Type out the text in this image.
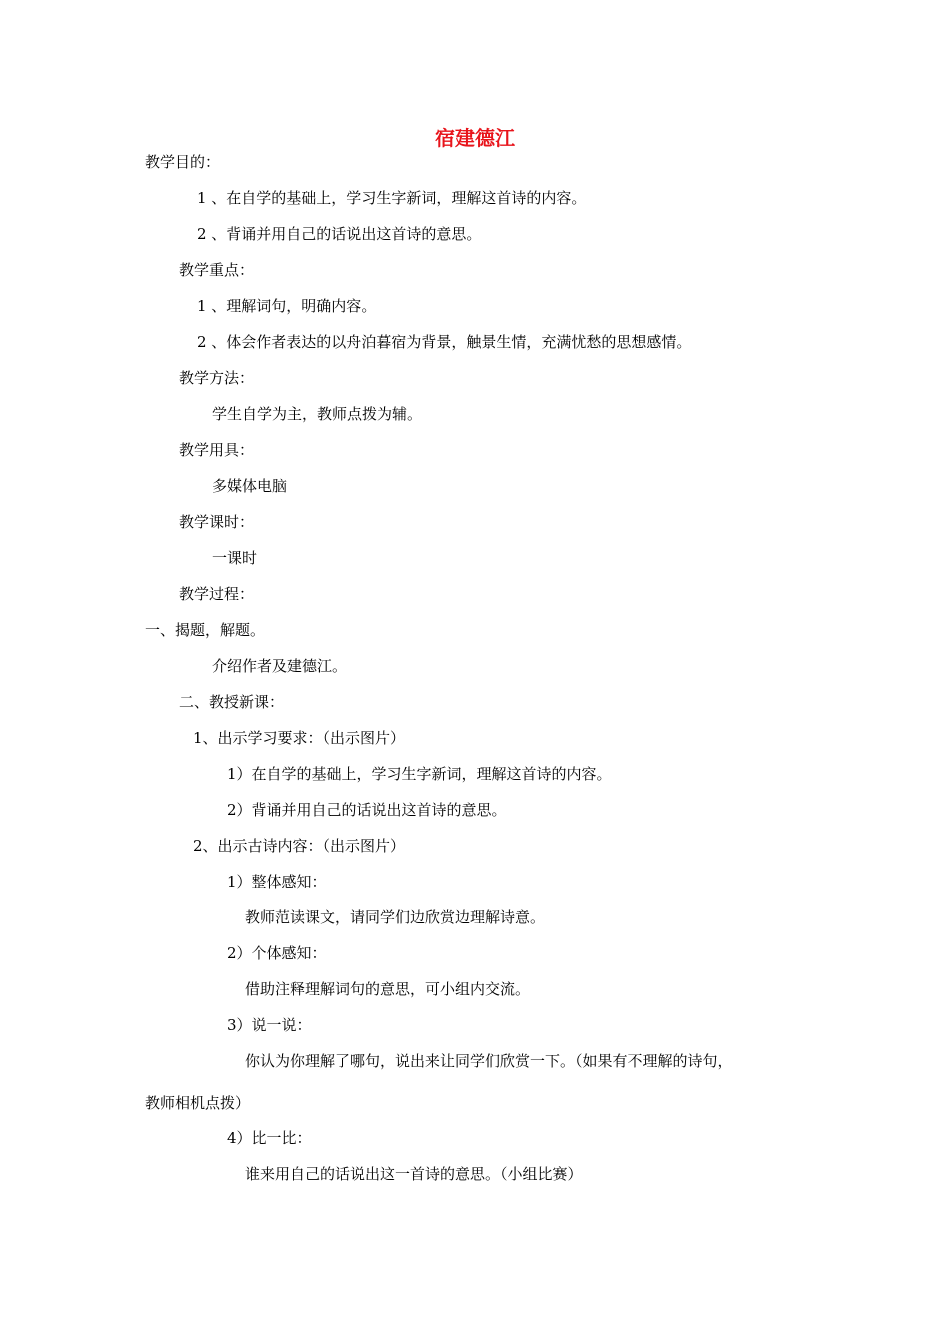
宿建德江
教学目的：
1 、在自学的基础上，学习生字新词，理解这首诗的内容。
2 、背诵并用自己的话说出这首诗的意思。
教学重点：
1 、理解词句，明确内容。
2 、体会作者表达的以舟泊暮宿为背景，触景生情，充满忧愁的思想感情。
教学方法：
学生自学为主，教师点拨为辅。
教学用具：
多媒体电脑
教学课时：
一课时
教学过程：
一、揭题，解题。
介绍作者及建德江。
二、教授新课：
1、出示学习要求：（出示图片）
1）在自学的基础上，学习生字新词，理解这首诗的内容。
2）背诵并用自己的话说出这首诗的意思。
2、出示古诗内容：（出示图片）
1）整体感知：
教师范读课文，请同学们边欣赏边理解诗意。
2）个体感知：
借助注释理解词句的意思，可小组内交流。
3）说一说：
你认为你理解了哪句，说出来让同学们欣赏一下。（如果有不理解的诗句，
教师相机点拨）
4）比一比：
谁来用自己的话说出这一首诗的意思。（小组比赛）
